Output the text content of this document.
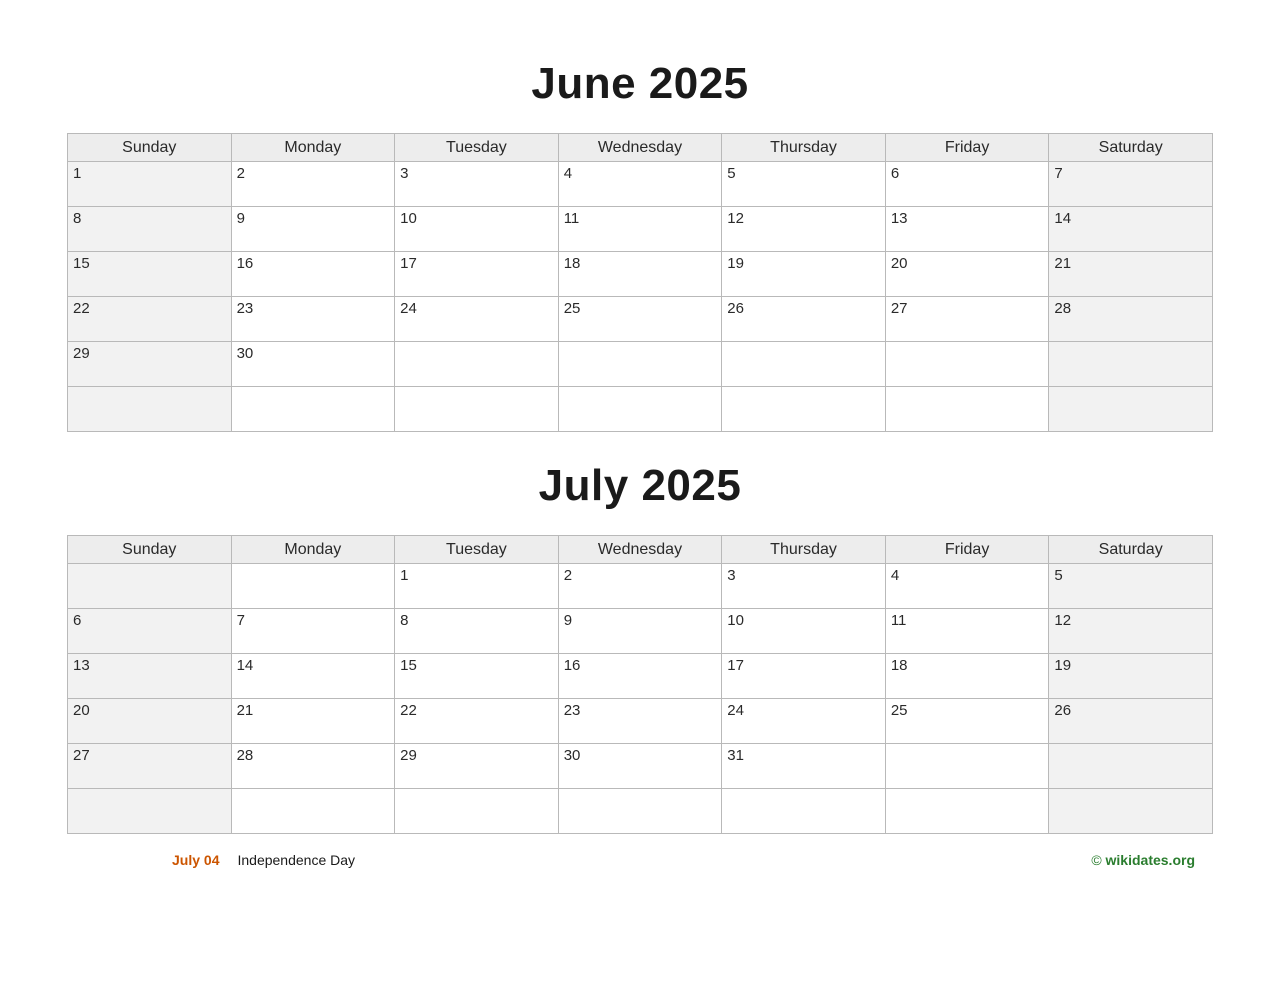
June 2025
Sunday	Monday	Tuesday	Wednesday	Thursday	Friday	Saturday

1	2	3	4	5	6	7

8	9	10	11	12	13	14

15	16	17	18	19	20	21

22	23	24	25	26	27	28

29	30					

July 2025
Sunday	Monday	Tuesday	Wednesday	Thursday	Friday	Saturday

		1	2	3	4	5

6	7	8	9	10	11	12

13	14	15	16	17	18	19

20	21	22	23	24	25	26

27	28	29	30	31		

July 04 Independence Day	© wikidates.org
